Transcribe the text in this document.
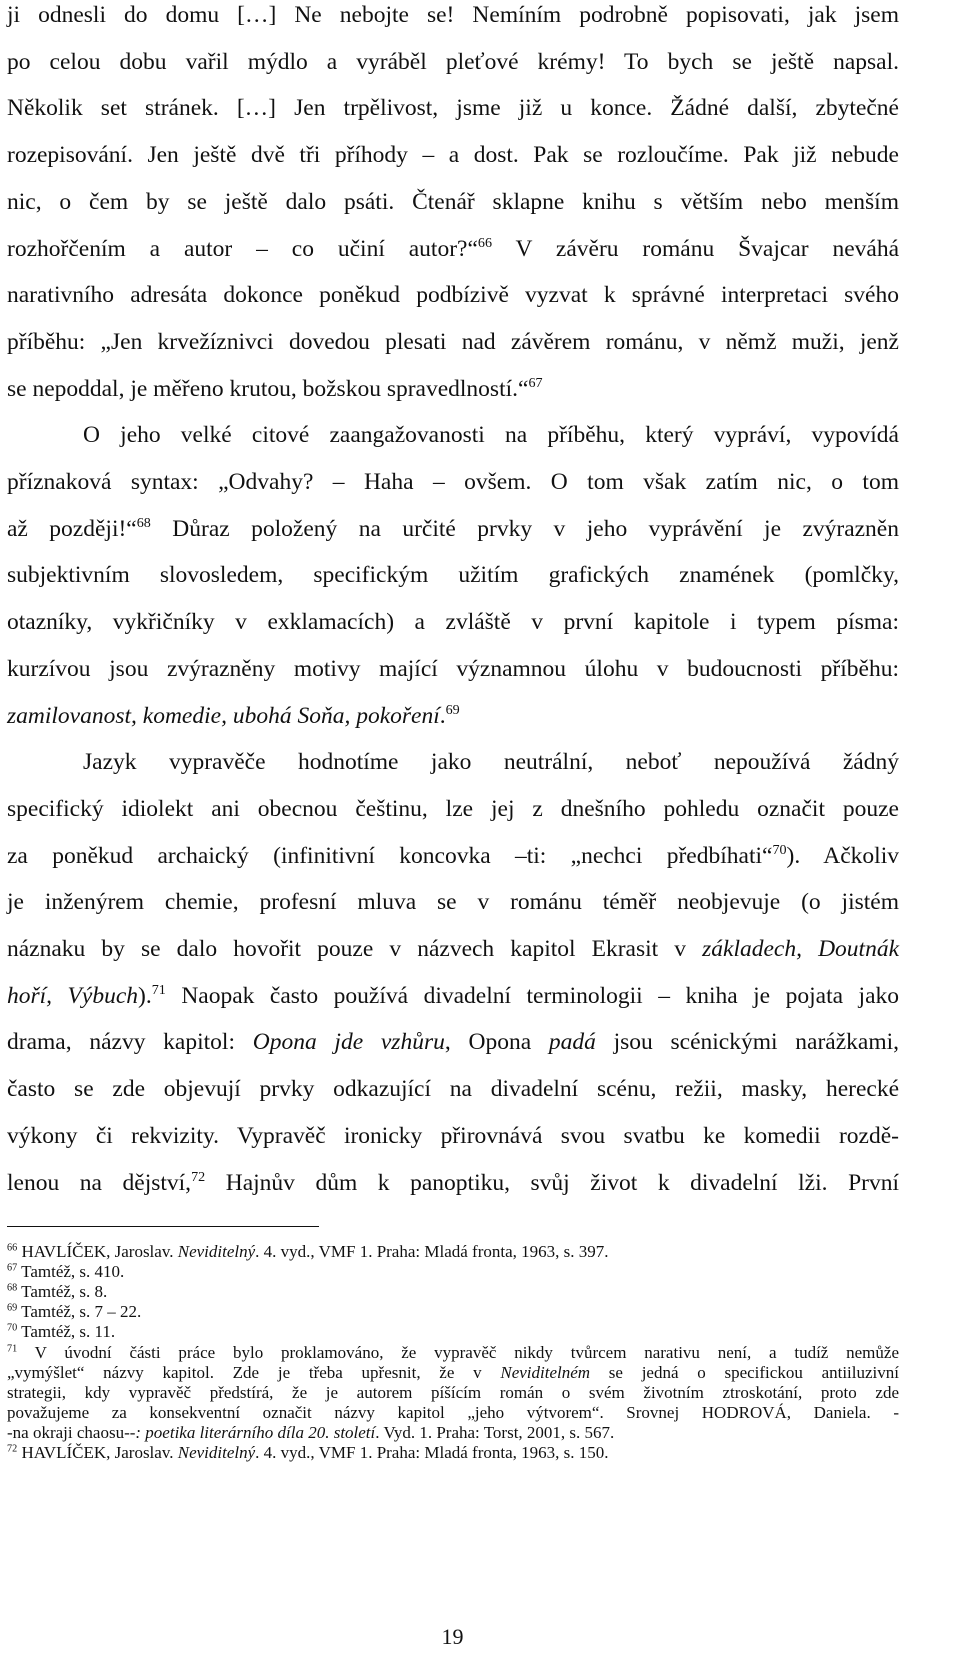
ji odnesli do domu […] Ne nebojte se! Nemíním podrobně popisovati, jak jsem
po celou dobu vařil mýdlo a vyráběl pleťové krémy! To bych se ještě napsal.
Několik set stránek. […] Jen trpělivost, jsme již u konce. Žádné další, zbytečné
rozepisování. Jen ještě dvě tři příhody – a dost. Pak se rozloučíme. Pak již nebude
nic, o čem by se ještě dalo psáti. Čtenář sklapne knihu s větším nebo menším
rozhořčením a autor – co učiní autor?“$^{66}$ V závěru románu Švajcar neváhá
narativního adresáta dokonce poněkud podbízivě vyzvat k správné interpretaci svého
příběhu: „Jen krvežíznivci dovedou plesati nad závěrem románu, v němž muži, jenž
se nepoddal, je měřeno krutou, božskou spravedlností.“$^{67}$
O jeho velké citové zaangažovanosti na příběhu, který vypráví, vypovídá
příznaková syntax: „Odvahy? – Haha – ovšem. O tom však zatím nic, o tom
až později!“$^{68}$ Důraz položený na určité prvky v jeho vyprávění je zvýrazněn
subjektivním slovosledem, specifickým užitím grafických znamének (pomlčky,
otazníky, vykřičníky v exklamacích) a zvláště v první kapitole i typem písma:
kurzívou jsou zvýrazněny motivy mající významnou úlohu v budoucnosti příběhu:
zamilovanost, komedie, ubohá Soňa, pokoření.$^{69}$
Jazyk vypravěče hodnotíme jako neutrální, neboť nepoužívá žádný
specifický idiolekt ani obecnou češtinu, lze jej z dnešního pohledu označit pouze
za poněkud archaický (infinitivní koncovka –ti: „nechci předbíhati“$^{70}$). Ačkoliv
je inženýrem chemie, profesní mluva se v románu téměř neobjevuje (o jistém
náznaku by se dalo hovořit pouze v názvech kapitol Ekrasit v základech, Doutnák
hoří, Výbuch).$^{71}$ Naopak často používá divadelní terminologii – kniha je pojata jako
drama, názvy kapitol: Opona jde vzhůru, Opona padá jsou scénickými narážkami,
často se zde objevují prvky odkazující na divadelní scénu, režii, masky, herecké
výkony či rekvizity. Vypravěč ironicky přirovnává svou svatbu ke komedii rozdě-
lenou na dějství,$^{72}$ Hajnův dům k panoptiku, svůj život k divadelní lži. První
$^{66}$ HAVLÍČEK, Jaroslav. Neviditelný. 4. vyd., VMF 1. Praha: Mladá fronta, 1963, s. 397.
$^{67}$ Tamtéž, s. 410.
$^{68}$ Tamtéž, s. 8.
$^{69}$ Tamtéž, s. 7 – 22.
$^{70}$ Tamtéž, s. 11.
$^{71}$ V úvodní části práce bylo proklamováno, že vypravěč nikdy tvůrcem narativu není, a tudíž nemůže
„vymýšlet“ názvy kapitol. Zde je třeba upřesnit, že v Neviditelném se jedná o specifickou antiiluzivní
strategii, kdy vypravěč předstírá, že je autorem píšícím román o svém životním ztroskotání, proto zde
považujeme za konsekventní označit názvy kapitol „jeho výtvorem“. Srovnej HODROVÁ, Daniela. -
-na okraji chaosu--: poetika literárního díla 20. století. Vyd. 1. Praha: Torst, 2001, s. 567.
$^{72}$ HAVLÍČEK, Jaroslav. Neviditelný. 4. vyd., VMF 1. Praha: Mladá fronta, 1963, s. 150.
19
